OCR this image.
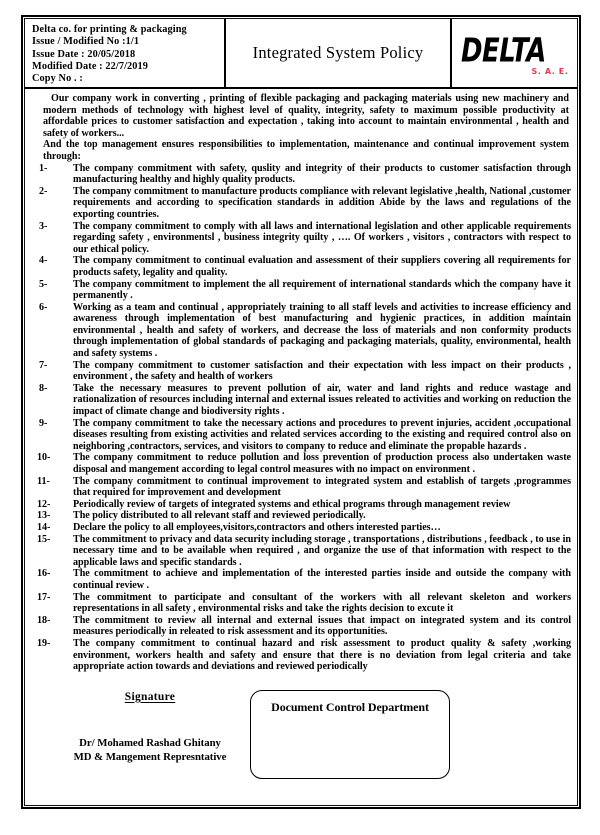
Delta co. for printing & packaging
Issue / Modified No :1/1
Issue Date : 20/05/2018
Modified Date : 22/7/2019
Copy No . :
Integrated System Policy DELTA
S. A. E.

Our company work in converting , printing of flexible packaging and packaging materials using new machinery and modern methods of technology with highest level of quality, integrity, safety to maximum possible productivity at affordable prices to customer satisfaction and expectation , taking into account to maintain environmental , health and safety of workers...

And the top management ensures responsibilities to implementation, maintenance and continual improvement system through:

1-	The company commitment with safety, quslity and integrity of their products to customer satisfaction through manufacturing healthy and highly quality products.
2-	The company commitment to manufacture products compliance with relevant legislative ,health, National ,customer requirements and according to specification standards in addition Abide by the laws and regulations of the exporting countries.
3-	The company commitment to comply with all laws and international legislation and other applicable requirements regarding safety , environmentsl , business integrity quilty , …. Of workers , visitors , contractors with respect to our ethical policy.
4-	The company commitment to continual evaluation and assessment of their suppliers covering all requirements for products safety, legality and quality.
5-	The company commitment to implement the all requirement of international standards which the company have it permanently .
6-	Working as a team and continual , appropriately training to all staff levels and activities to increase efficiency and awareness through implementation of best manufacturing and hygienic practices, in addition maintain environmental , health and safety of workers, and decrease the loss of materials and non conformity products through implementation of global standards of packaging and packaging materials, quality, environmental, health and safety systems .
7-	The company commitment to customer satisfaction and their expectation with less impact on their products , environment , the safety and health of workers
8-	Take the necessary measures to prevent pollution of air, water and land rights and reduce wastage and rationalization of resources including internal and external issues releated to activities and working on reduction the impact of climate change and biodiversity rights .
9-	The company commitment to take the necessary actions and procedures to prevent injuries, accident ,occupational diseases resulting from existing activities and related services according to the existing and required control also on neighboring ,contractors, services, and visitors to company to reduce and eliminate the propable hazards .
10-	The company commitment to reduce pollution and loss prevention of production process also undertaken waste disposal and mangement according to legal control measures with no impact on environment .
11-	The company commitment to continual improvement to integrated system and establish of targets ,programmes that required for improvement and development
12-	Periodically review of targets of integrated systems and ethical programs through management review
13-	The policy distributed to all relevant staff and reviewed periodically.
14-	Declare the policy to all employees,visitors,contractors and others interested parties…
15-	The commitment to privacy and data security including storage , transportations , distributions , feedback , to use in necessary time and to be available when required , and organize the use of that information with respect to the applicable laws and specific standards .
16-	The commitment to achieve and implementation of the interested parties inside and outside the company with continual review .
17-	The commitment to participate and consultant of the workers with all relevant skeleton and workers representations in all safety , environmental risks and take the rights decision to excute it
18-	The commitment to review all internal and external issues that impact on integrated system and its control measures periodically in releated to risk assessment and its opportunities.
19-	The company commitment to continual hazard and risk assessment to product quality & safety ,working environment, workers health and safety and ensure that there is no deviation from legal criteria and take appropriate action towards and deviations and reviewed periodically
Signature
Dr/ Mohamed Rashad Ghitany
MD & Mangement Represntative
Document Control Department
